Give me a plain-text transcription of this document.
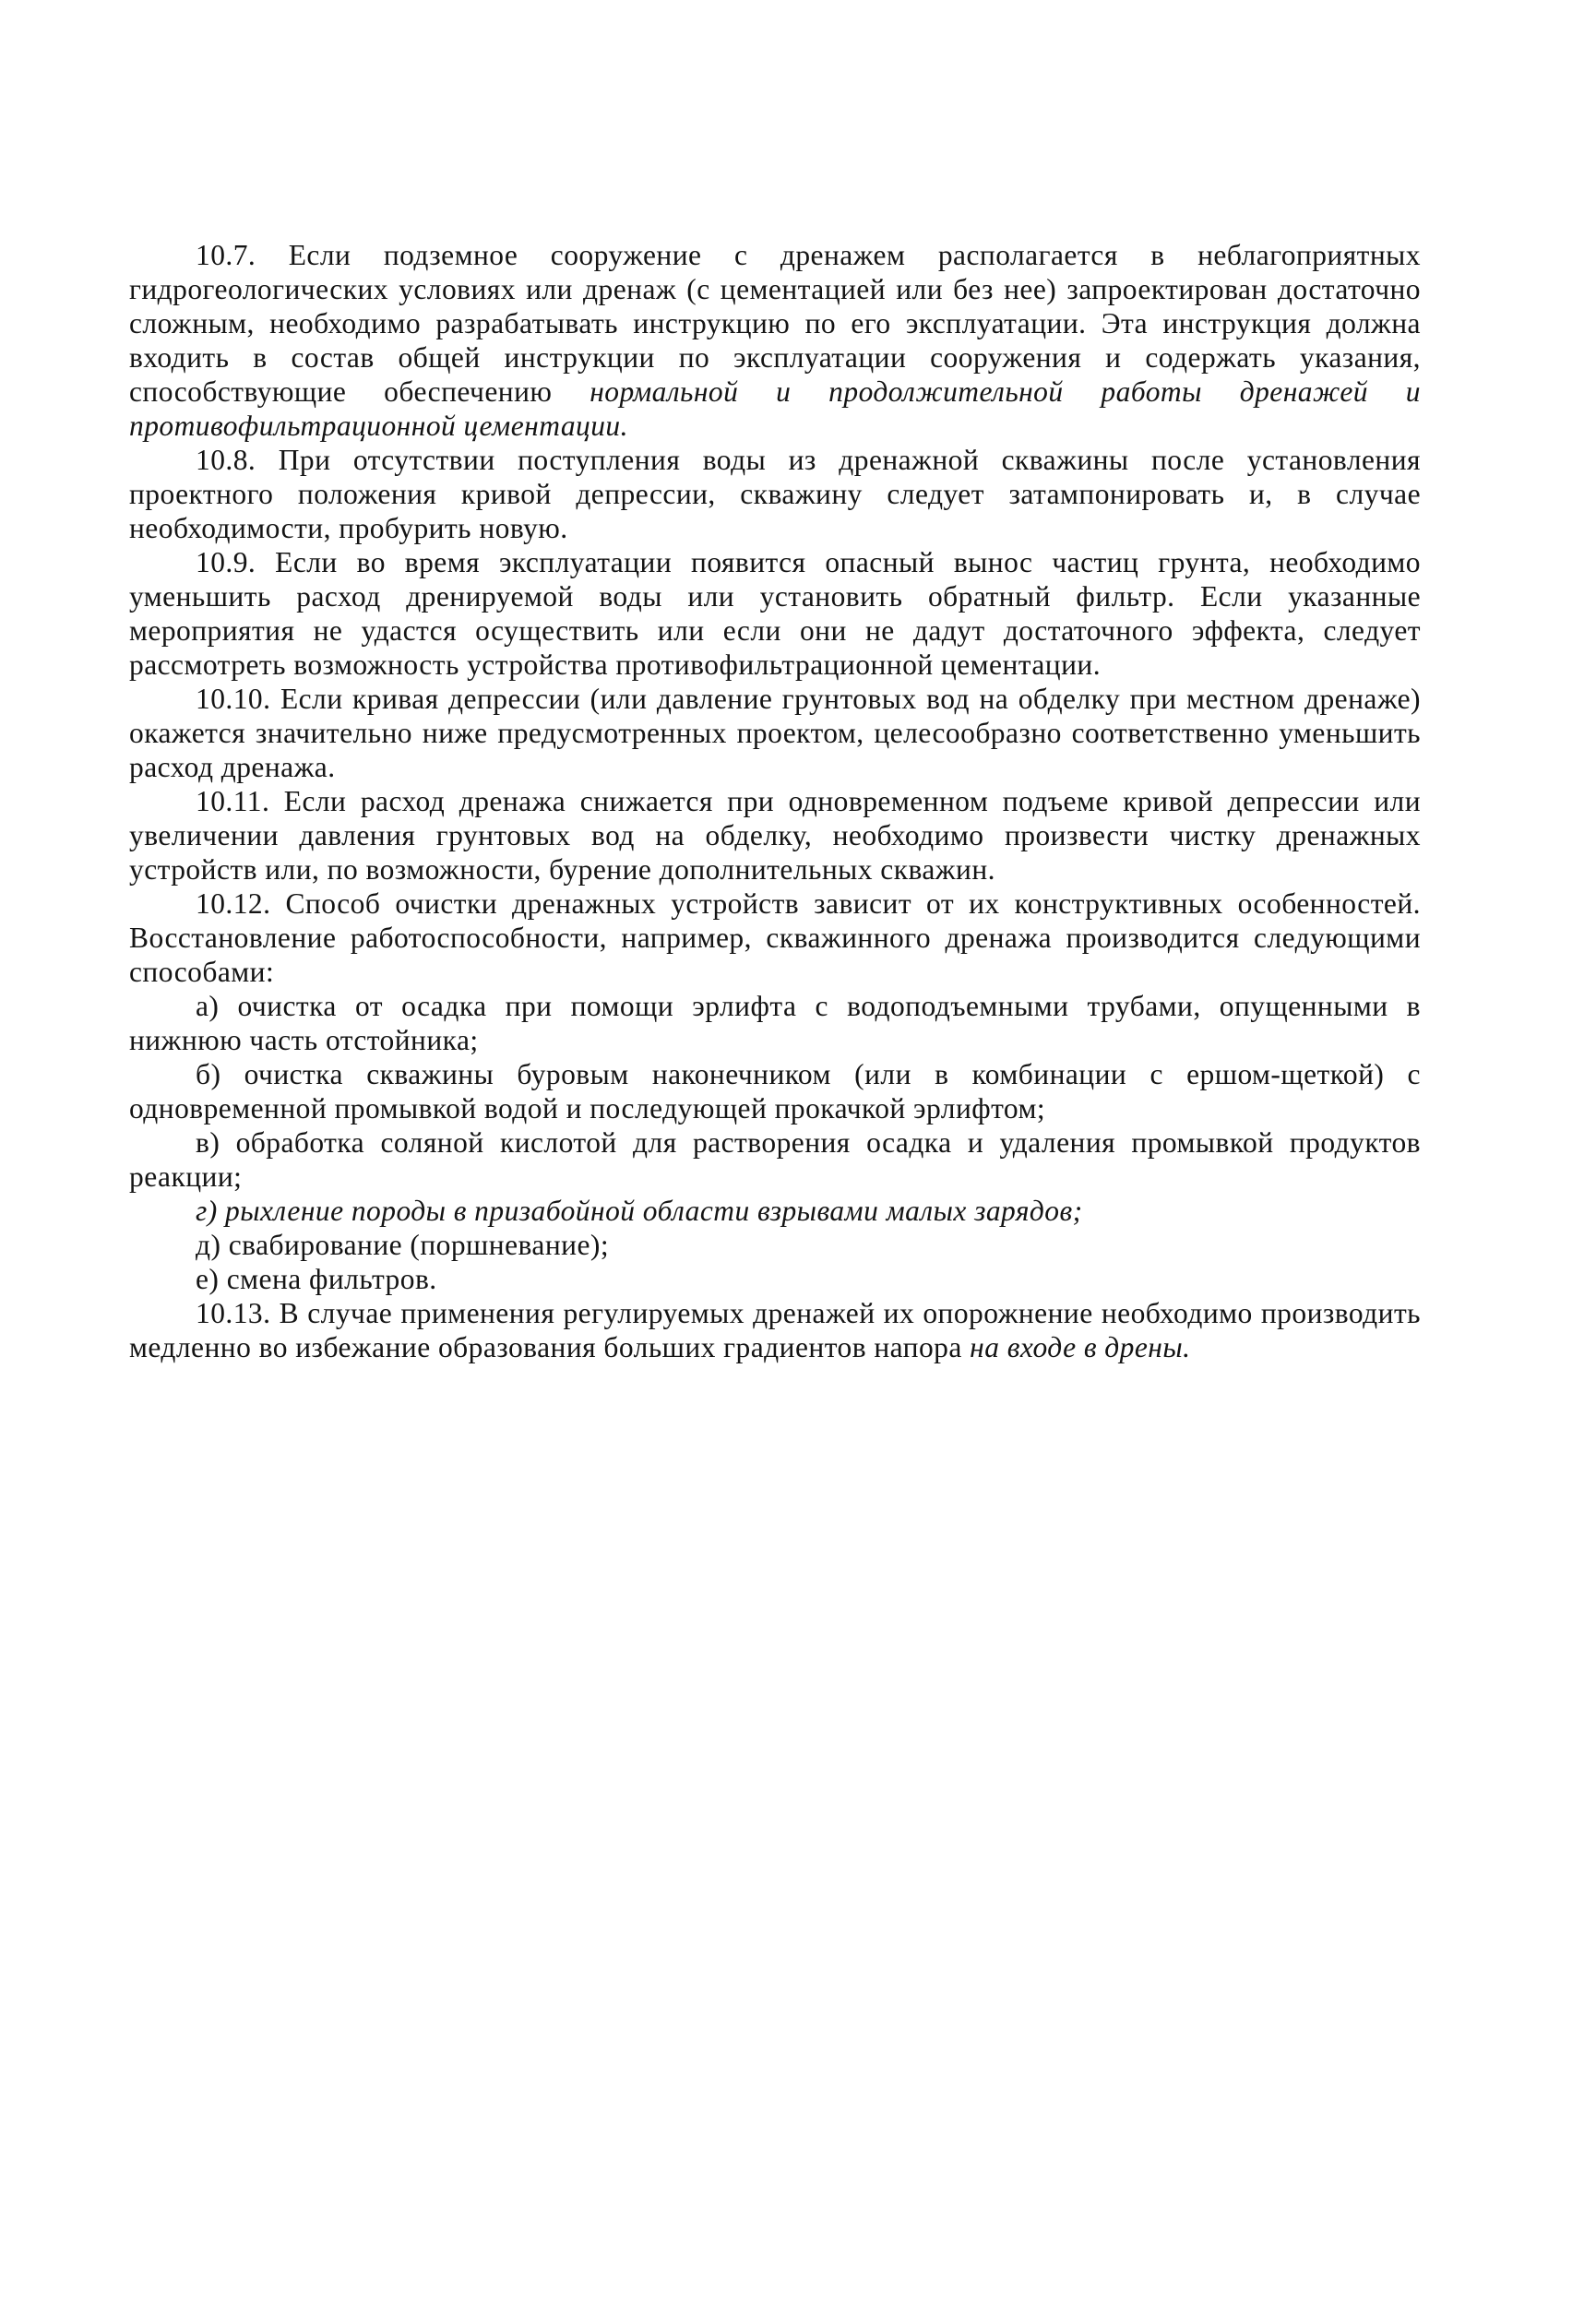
10.7. Если подземное сооружение с дренажем располагается в неблагоприятных гидрогеологических условиях или дренаж (с цементацией или без нее) запроектирован достаточно сложным, необходимо разрабатывать инструкцию по его эксплуатации. Эта инструкция должна входить в состав общей инструкции по эксплуатации сооружения и содержать указания, способствующие обеспечению нормальной и продолжительной работы дренажей и противофильтрационной цементации.

10.8. При отсутствии поступления воды из дренажной скважины после установления проектного положения кривой депрессии, скважину следует затампонировать и, в случае необходимости, пробурить новую.

10.9. Если во время эксплуатации появится опасный вынос частиц грунта, необходимо уменьшить расход дренируемой воды или установить обратный фильтр. Если указанные мероприятия не удастся осуществить или если они не дадут достаточного эффекта, следует рассмотреть возможность устройства противофильтрационной цементации.

10.10. Если кривая депрессии (или давление грунтовых вод на обделку при местном дренаже) окажется значительно ниже предусмотренных проектом, целесообразно соответственно уменьшить расход дренажа.

10.11. Если расход дренажа снижается при одновременном подъеме кривой депрессии или увеличении давления грунтовых вод на обделку, необходимо произвести чистку дренажных устройств или, по возможности, бурение дополнительных скважин.

10.12. Способ очистки дренажных устройств зависит от их конструктивных особенностей. Восстановление работоспособности, например, скважинного дренажа производится следующими способами:

а) очистка от осадка при помощи эрлифта с водоподъемными трубами, опущенными в нижнюю часть отстойника;

б) очистка скважины буровым наконечником (или в комбинации с ершом-щеткой) с одновременной промывкой водой и последующей прокачкой эрлифтом;

в) обработка соляной кислотой для растворения осадка и удаления промывкой продуктов реакции;

г) рыхление породы в призабойной области взрывами малых зарядов;

д) свабирование (поршневание);

е) смена фильтров.

10.13. В случае применения регулируемых дренажей их опорожнение необходимо производить медленно во избежание образования больших градиентов напора на входе в дрены.
